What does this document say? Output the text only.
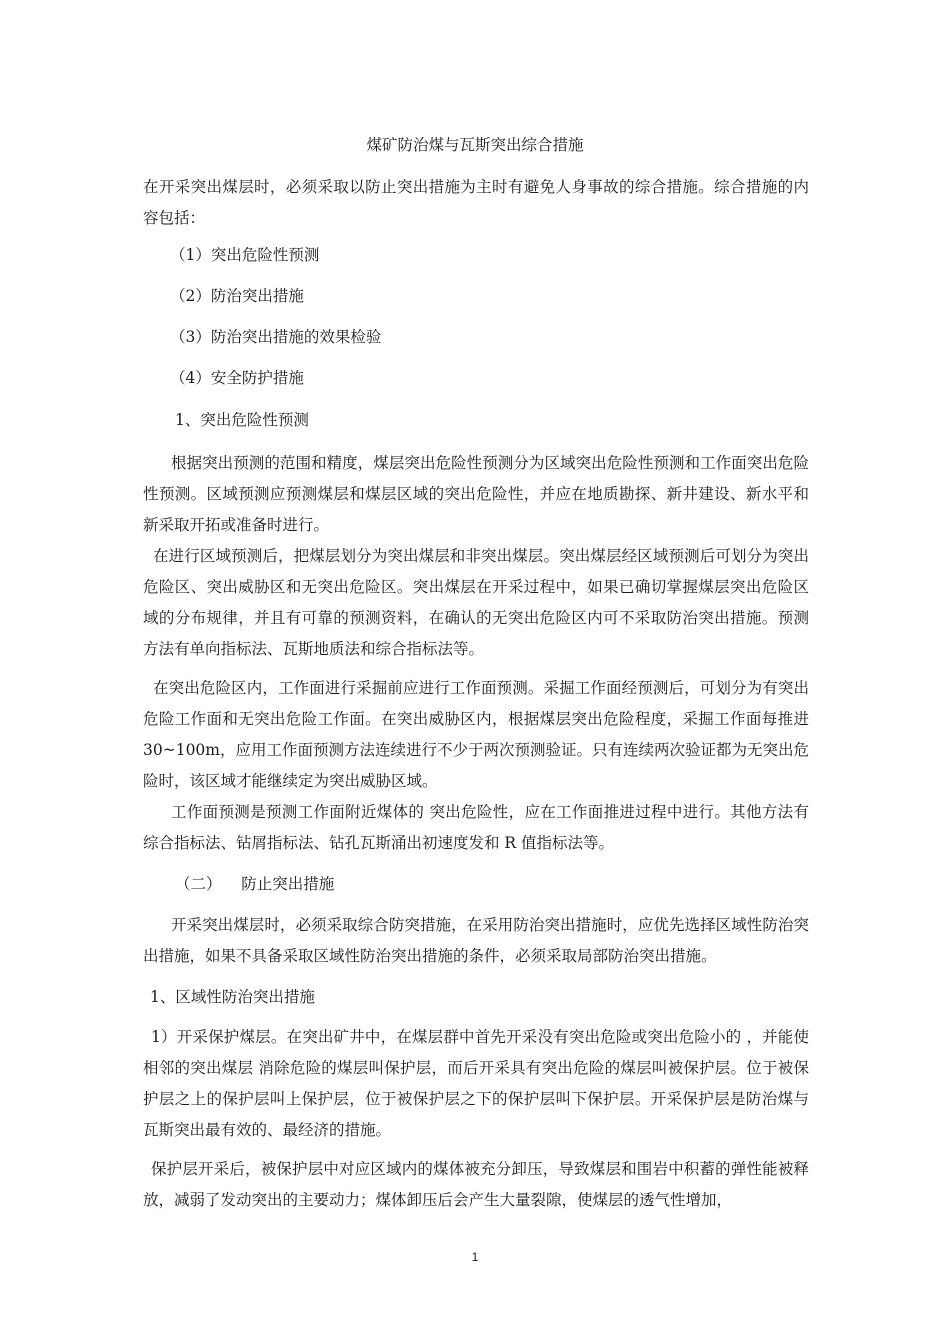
煤矿防治煤与瓦斯突出综合措施

在开采突出煤层时，必须采取以防止突出措施为主时有避免人身事故的综合措施。综合措施的内容包括：

（1）突出危险性预测

（2）防治突出措施

（3）防治突出措施的效果检验

（4）安全防护措施

1、突出危险性预测

根据突出预测的范围和精度，煤层突出危险性预测分为区域突出危险性预测和工作面突出危险性预测。区域预测应预测煤层和煤层区域的突出危险性，并应在地质勘探、新井建设、新水平和新采取开拓或准备时进行。

在进行区域预测后，把煤层划分为突出煤层和非突出煤层。突出煤层经区域预测后可划分为突出危险区、突出威胁区和无突出危险区。突出煤层在开采过程中，如果已确切掌握煤层突出危险区域的分布规律，并且有可靠的预测资料，在确认的无突出危险区内可不采取防治突出措施。预测方法有单向指标法、瓦斯地质法和综合指标法等。

在突出危险区内，工作面进行采掘前应进行工作面预测。采掘工作面经预测后，可划分为有突出危险工作面和无突出危险工作面。在突出威胁区内，根据煤层突出危险程度，采掘工作面每推进 30~100m，应用工作面预测方法连续进行不少于两次预测验证。只有连续两次验证都为无突出危险时，该区域才能继续定为突出威胁区域。

工作面预测是预测工作面附近煤体的 突出危险性，应在工作面推进过程中进行。其他方法有综合指标法、钻屑指标法、钻孔瓦斯涌出初速度发和 R 值指标法等。

（二）    防止突出措施

开采突出煤层时，必须采取综合防突措施，在采用防治突出措施时，应优先选择区域性防治突出措施，如果不具备采取区域性防治突出措施的条件，必须采取局部防治突出措施。

1、区域性防治突出措施

1）开采保护煤层。在突出矿井中，在煤层群中首先开采没有突出危险或突出危险小的 ，并能使相邻的突出煤层 消除危险的煤层叫保护层，而后开采具有突出危险的煤层叫被保护层。位于被保护层之上的保护层叫上保护层，位于被保护层之下的保护层叫下保护层。开采保护层是防治煤与瓦斯突出最有效的、最经济的措施。

保护层开采后，被保护层中对应区域内的煤体被充分卸压，导致煤层和围岩中积蓄的弹性能被释放，减弱了发动突出的主要动力；煤体卸压后会产生大量裂隙，使煤层的透气性增加，

1
